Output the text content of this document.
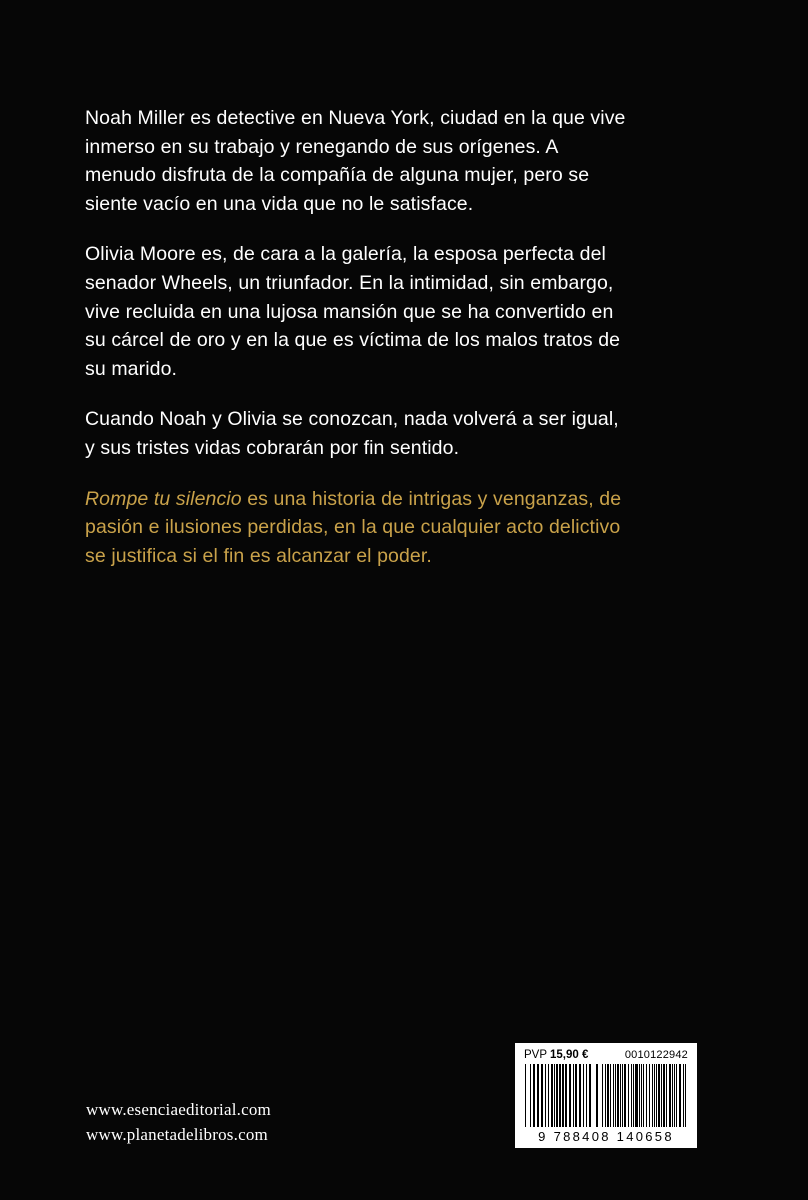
Noah Miller es detective en Nueva York, ciudad en la que vive inmerso en su trabajo y renegando de sus orígenes. A menudo disfruta de la compañía de alguna mujer, pero se siente vacío en una vida que no le satisface.

Olivia Moore es, de cara a la galería, la esposa perfecta del senador Wheels, un triunfador. En la intimidad, sin embargo, vive recluida en una lujosa mansión que se ha convertido en su cárcel de oro y en la que es víctima de los malos tratos de su marido.

Cuando Noah y Olivia se conozcan, nada volverá a ser igual, y sus tristes vidas cobrarán por fin sentido.

Rompe tu silencio es una historia de intrigas y venganzas, de pasión e ilusiones perdidas, en la que cualquier acto delictivo se justifica si el fin es alcanzar el poder.

www.esenciaeditorial.com
www.planetadelibros.com
PVP 15,90 €	0010122942
9 788408 140658
